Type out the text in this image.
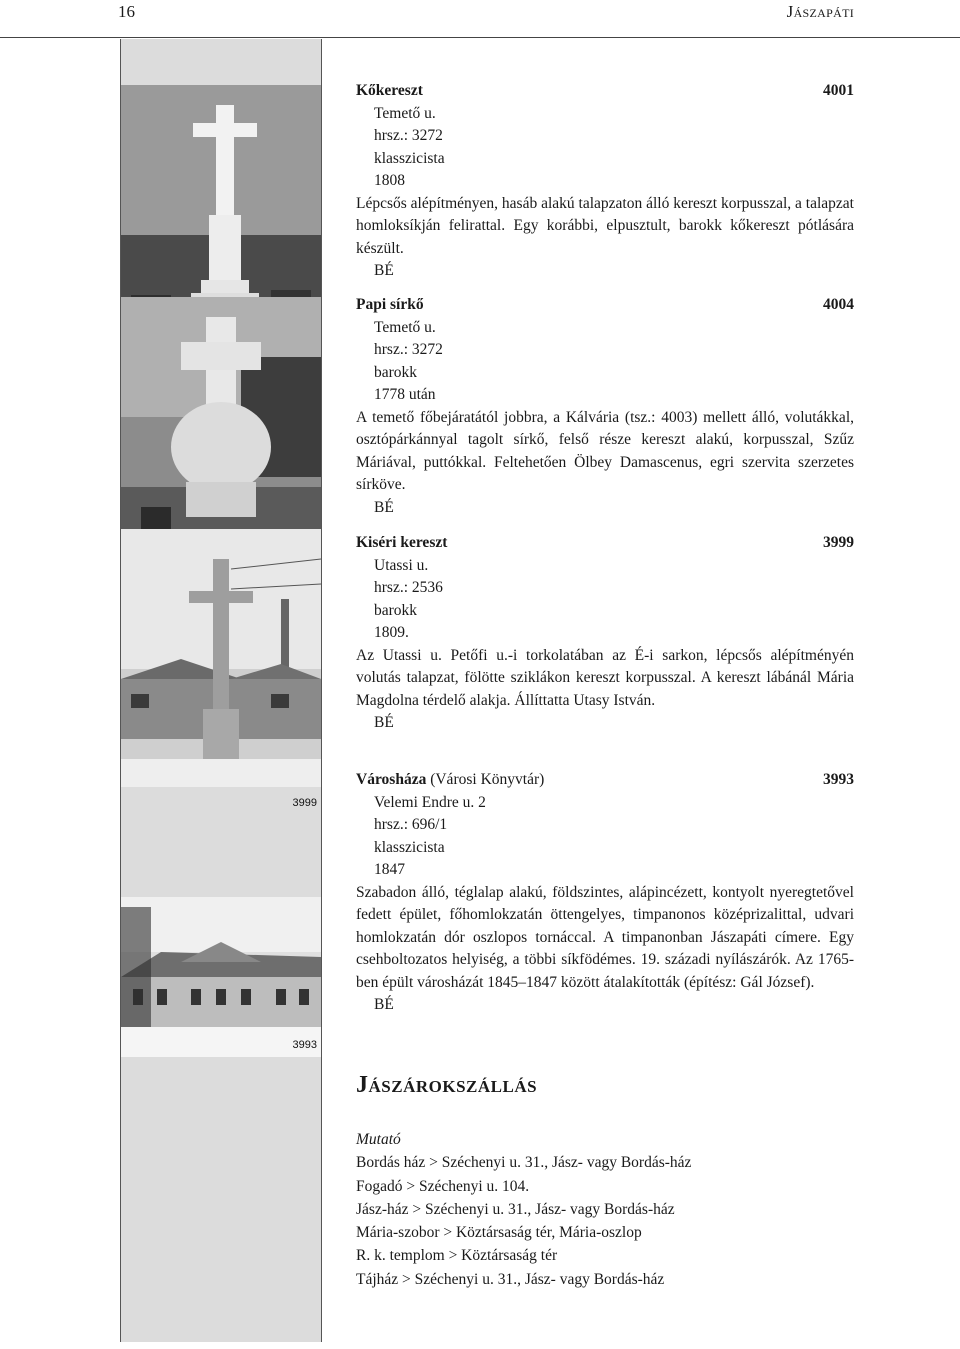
16	Jászapáti
3999
3993
Kőkereszt	4001
Temető u.
hrsz.: 3272
klasszicista
1808
Lépcsős alépítményen, hasáb alakú talapzaton álló kereszt korpusszal, a talapzat homloksíkján felirattal. Egy korábbi, elpusztult, barokk kőkereszt pótlására készült.
BÉ
Papi sírkő	4004
Temető u.
hrsz.: 3272
barokk
1778 után
A temető főbejáratától jobbra, a Kálvária (tsz.: 4003) mellett álló, volutákkal, osztópárkánnyal tagolt sírkő, felső része kereszt alakú, korpusszal, Szűz Máriával, puttókkal. Feltehetően Ölbey Damascenus, egri szervita szerzetes sírköve.
BÉ
Kiséri kereszt	3999
Utassi u.
hrsz.: 2536
barokk
1809.
Az Utassi u. Petőfi u.-i torkolatában az É-i sarkon, lépcsős alépítményén volutás talapzat, fölötte sziklákon kereszt korpusszal. A kereszt lábánál Mária Magdolna térdelő alakja. Állíttatta Utasy István.
BÉ
Városháza (Városi Könyvtár)	3993
Velemi Endre u. 2
hrsz.: 696/1
klasszicista
1847
Szabadon álló, téglalap alakú, földszintes, alápincézett, kontyolt nyeregtetővel fedett épület, főhomlokzatán öttengelyes, timpanonos középrizalittal, udvari homlokzatán dór oszlopos tornáccal. A timpanonban Jászapáti címere. Egy csehboltozatos helyiség, a többi síkfödémes. 19. századi nyílászárók. Az 1765-ben épült városházát 1845–1847 között átalakították (építész: Gál József).
BÉ
Jászárokszállás
Mutató
Bordás ház > Széchenyi u. 31., Jász- vagy Bordás-ház
Fogadó > Széchenyi u. 104.
Jász-ház > Széchenyi u. 31., Jász- vagy Bordás-ház
Mária-szobor > Köztársaság tér, Mária-oszlop
R. k. templom > Köztársaság tér
Tájház > Széchenyi u. 31., Jász- vagy Bordás-ház
